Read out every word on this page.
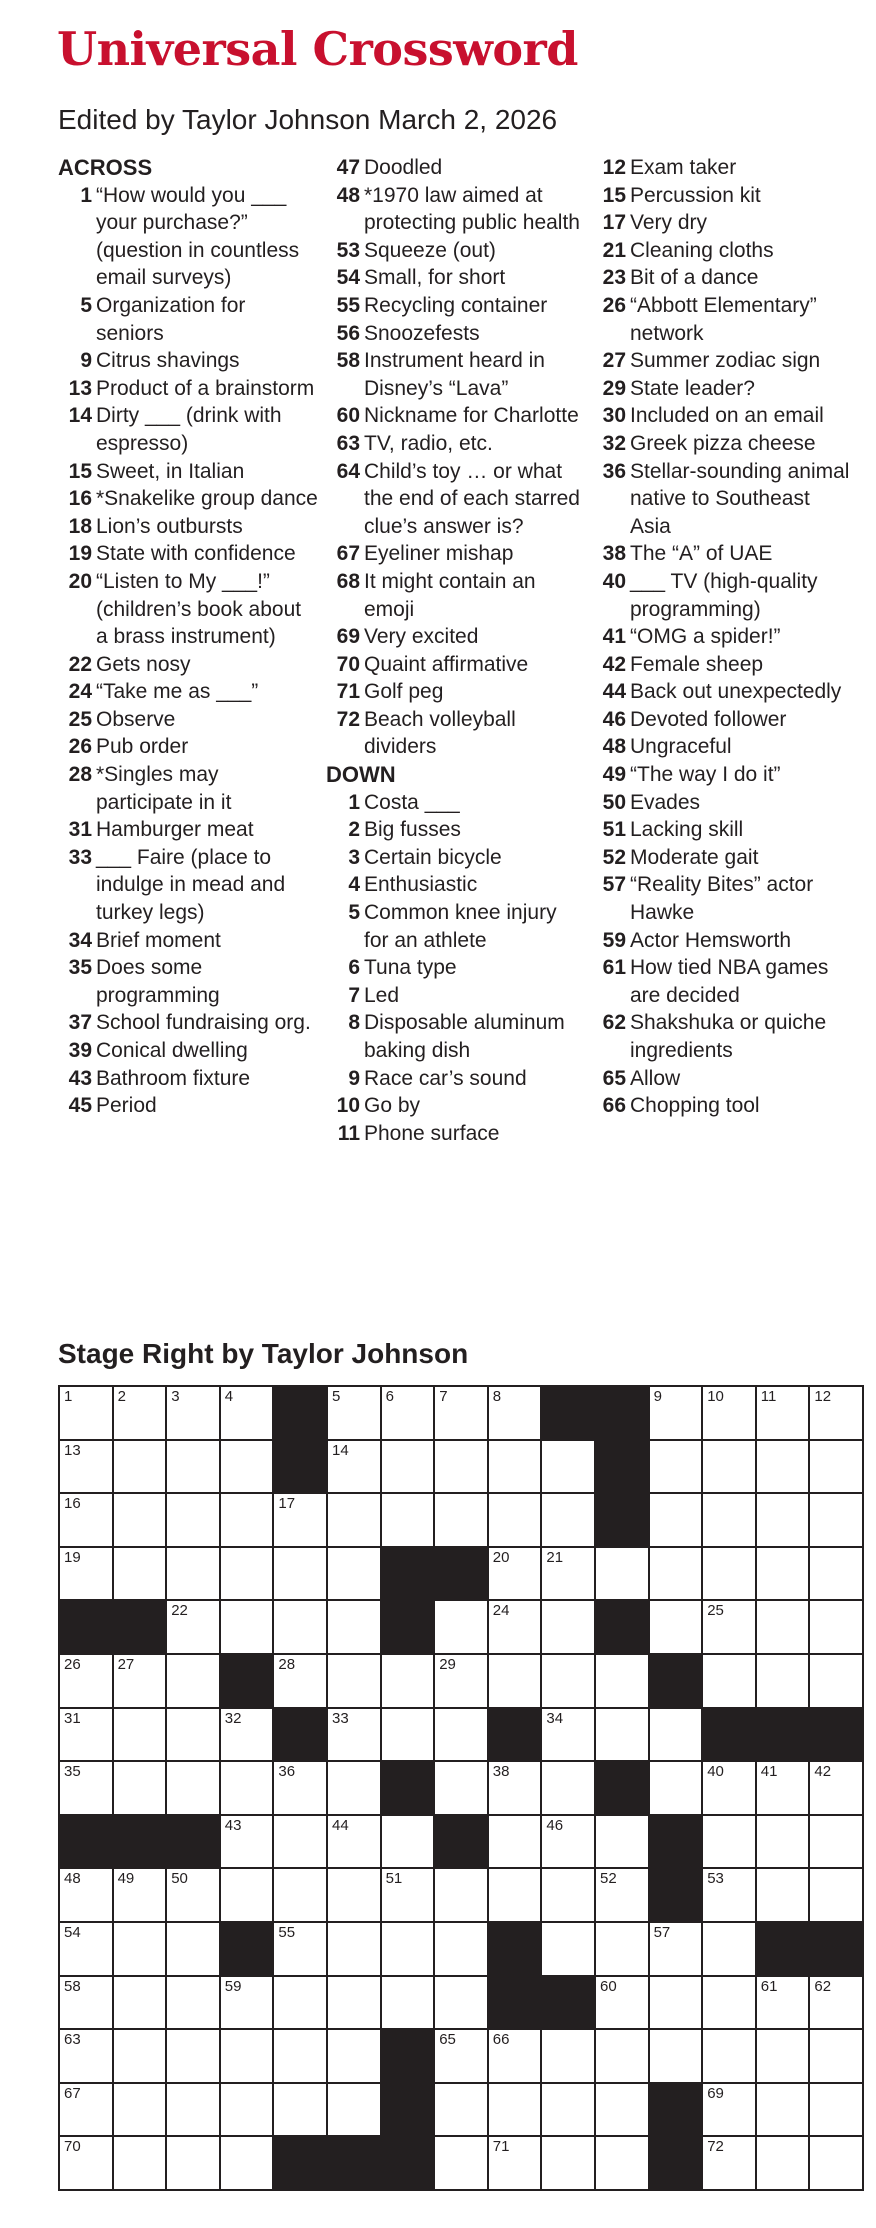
Universal Crossword
Edited by Taylor Johnson March 2, 2026
ACROSS
1 “How would you ___ your purchase?” (question in countless email surveys)
5 Organization for seniors
9 Citrus shavings
13 Product of a brainstorm
14 Dirty ___ (drink with espresso)
15 Sweet, in Italian
16 *Snakelike group dance
18 Lion’s outbursts
19 State with confidence
20 “Listen to My ___!” (children’s book about a brass instrument)
22 Gets nosy
24 “Take me as ___”
25 Observe
26 Pub order
28 *Singles may participate in it
31 Hamburger meat
33 ___ Faire (place to indulge in mead and turkey legs)
34 Brief moment
35 Does some programming
37 School fundraising org.
39 Conical dwelling
43 Bathroom fixture
45 Period
47 Doodled
48 *1970 law aimed at protecting public health
53 Squeeze (out)
54 Small, for short
55 Recycling container
56 Snoozefests
58 Instrument heard in Disney’s “Lava”
60 Nickname for Charlotte
63 TV, radio, etc.
64 Child’s toy … or what the end of each starred clue’s answer is?
67 Eyeliner mishap
68 It might contain an emoji
69 Very excited
70 Quaint affirmative
71 Golf peg
72 Beach volleyball dividers
DOWN
1 Costa ___
2 Big fusses
3 Certain bicycle
4 Enthusiastic
5 Common knee injury for an athlete
6 Tuna type
7 Led
8 Disposable aluminum baking dish
9 Race car’s sound
10 Go by
11 Phone surface
12 Exam taker
15 Percussion kit
17 Very dry
21 Cleaning cloths
23 Bit of a dance
26 “Abbott Elementary” network
27 Summer zodiac sign
29 State leader?
30 Included on an email
32 Greek pizza cheese
36 Stellar-sounding animal native to Southeast Asia
38 The “A” of UAE
40 ___ TV (high-quality programming)
41 “OMG a spider!”
42 Female sheep
44 Back out unexpectedly
46 Devoted follower
48 Ungraceful
49 “The way I do it”
50 Evades
51 Lacking skill
52 Moderate gait
57 “Reality Bites” actor Hawke
59 Actor Hemsworth
61 How tied NBA games are decided
62 Shakshuka or quiche ingredients
65 Allow
66 Chopping tool
Stage Right by Taylor Johnson
1	2	3	4	5	6	7	8	9	10 11	12
13	14
16	17
19	20 21
22	24	25
26 27	28	29
31	32	33	34
35	36	38	40 41 42
43	44	46
48 49 50	51	52	53
54	55	57
58	59	60	61 62
63	65 66
67	69
70	71	72
